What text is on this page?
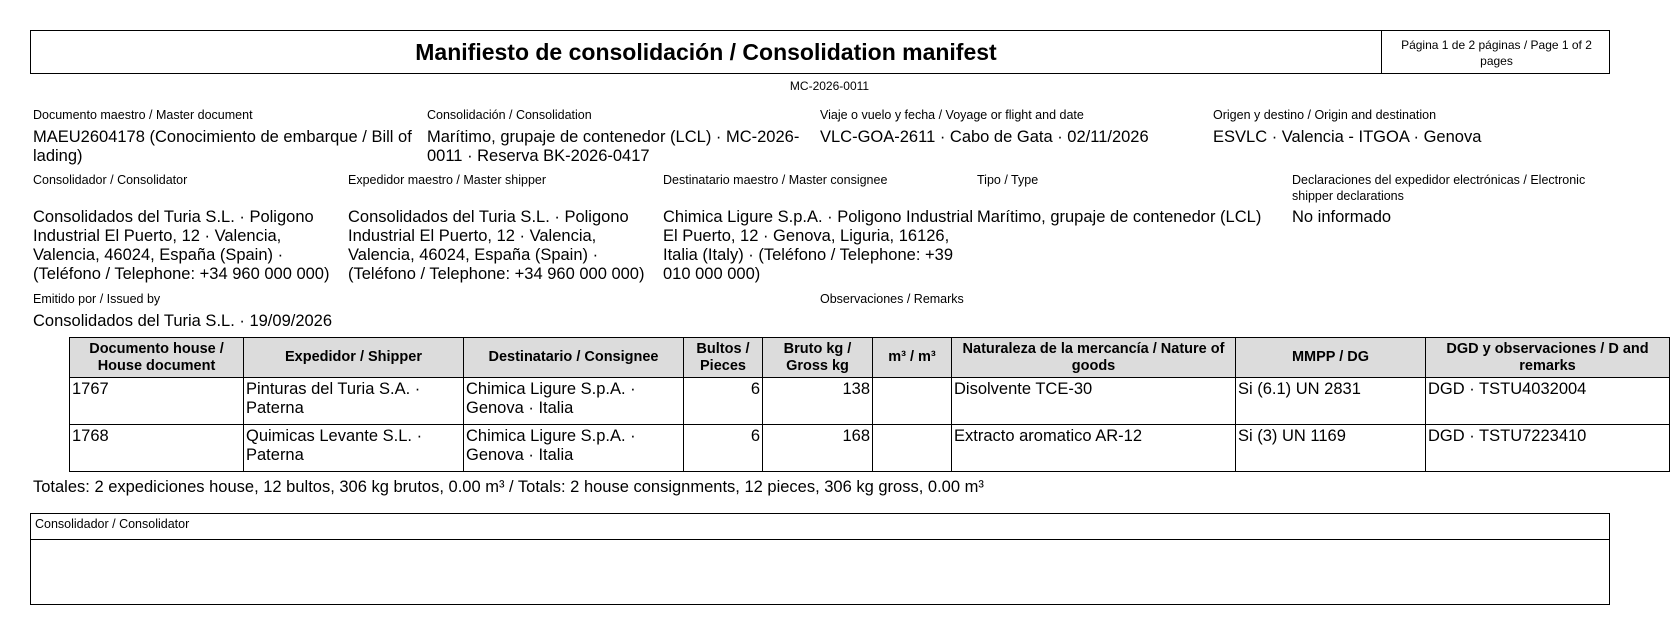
Manifiesto de consolidación / Consolidation manifest	Página 1 de 2 páginas / Page 1 of 2
pages
MC-2026-0011
Documento maestro / Master document
MAEU2604178 (Conocimiento de embarque / Bill of lading)
Consolidación / Consolidation
Marítimo, grupaje de contenedor (LCL) · MC-2026-0011 · Reserva BK-2026-0417
Viaje o vuelo y fecha / Voyage or flight and date
VLC-GOA-2611 · Cabo de Gata · 02/11/2026
Origen y destino / Origin and destination
ESVLC · Valencia - ITGOA · Genova
Consolidador / Consolidator
Consolidados del Turia S.L. · Poligono Industrial El Puerto, 12 · Valencia, Valencia, 46024, España (Spain) · (Teléfono / Telephone: +34 960 000 000)
Expedidor maestro / Master shipper
Consolidados del Turia S.L. · Poligono Industrial El Puerto, 12 · Valencia, Valencia, 46024, España (Spain) · (Teléfono / Telephone: +34 960 000 000)
Destinatario maestro / Master consignee
Chimica Ligure S.p.A. · Poligono Industrial El Puerto, 12 · Genova, Liguria, 16126, Italia (Italy) · (Teléfono / Telephone: +39 010 000 000)
Tipo / Type
Marítimo, grupaje de contenedor (LCL)
Declaraciones del expedidor electrónicas / Electronic shipper declarations
No informado
Emitido por / Issued by
Consolidados del Turia S.L. · 19/09/2026
Observaciones / Remarks
Documento house / House document	Expedidor / Shipper	Destinatario / Consignee	Bultos / Pieces	Bruto kg / Gross kg	m³ / m³	Naturaleza de la mercancía / Nature of goods	MMPP / DG	DGD y observaciones / D and remarks
1767	Pinturas del Turia S.A. · Paterna	Chimica Ligure S.p.A. · Genova · Italia	6	138		Disolvente TCE-30	Si (6.1) UN 2831	DGD · TSTU4032004
1768	Quimicas Levante S.L. · Paterna	Chimica Ligure S.p.A. · Genova · Italia	6	168		Extracto aromatico AR-12	Si (3) UN 1169	DGD · TSTU7223410
Totales: 2 expediciones house, 12 bultos, 306 kg brutos, 0.00 m³ / Totals: 2 house consignments, 12 pieces, 306 kg gross, 0.00 m³
Consolidador / Consolidator
